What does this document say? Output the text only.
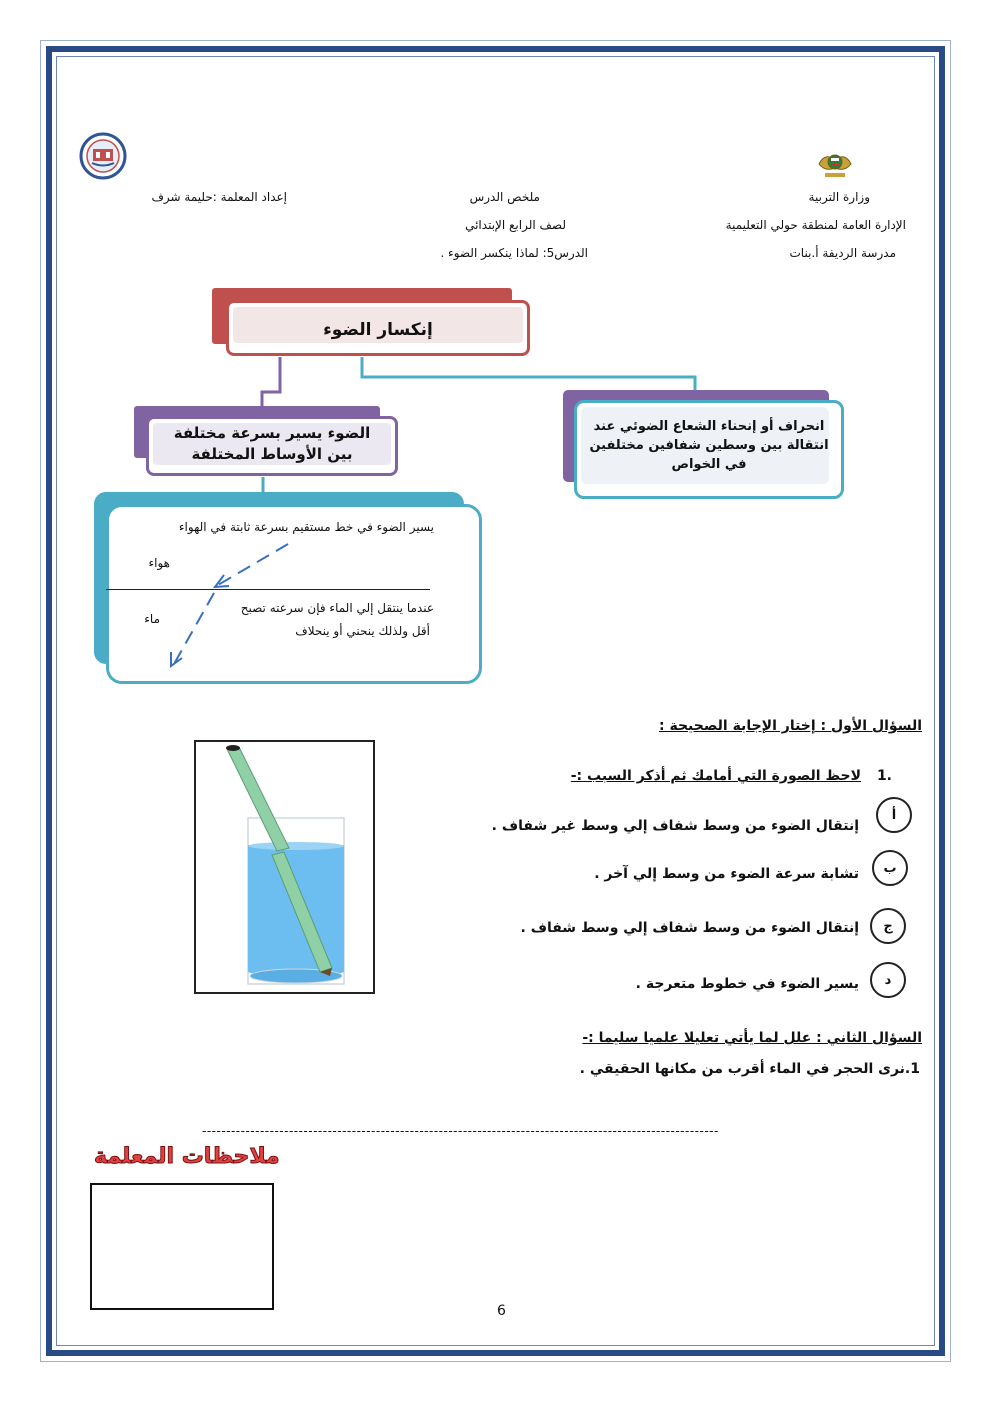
وزارة التربية
الإدارة العامة لمنطقة حولي التعليمية
مدرسة الرديفة أ.بنات
ملخص الدرس
لصف الرابع الإبتدائي
الدرس5: لماذا ينكسر الضوء .
إعداد المعلمة :حليمة شرف
إنكسار الضوء
الضوء يسير بسرعة مختلفة
بين الأوساط المختلفة
انحراف أو إنحناء الشعاع الضوئي عند انتقالة بين وسطين شفافين مختلفين في الخواص
يسير الضوء في خط مستقيم بسرعة ثابتة في الهواء
هواء
عندما ينتقل إلي الماء فإن سرعته تصبح
أقل ولذلك ينحني أو ينحلاف
ماء
السؤال الأول : إختار الإجابة الصحيحة :
1.
لاحظ الصورة التي أمامك ثم أذكر السبب :-
أ
إنتقال الضوء من وسط شفاف إلي وسط غير شفاف .
ب
تشابة سرعة الضوء من وسط إلي آخر .
ج
إنتقال الضوء من وسط شفاف إلي وسط شفاف .
د
يسير الضوء في خطوط متعرجة .
السؤال الثاني : علل لما يأتي تعليلا علميا سليما :-
1.نرى الحجر في الماء أقرب من مكانها الحقيقي .
-----------------------------------------------------------------------------------------------------------
ملاحظات المعلمة
6
